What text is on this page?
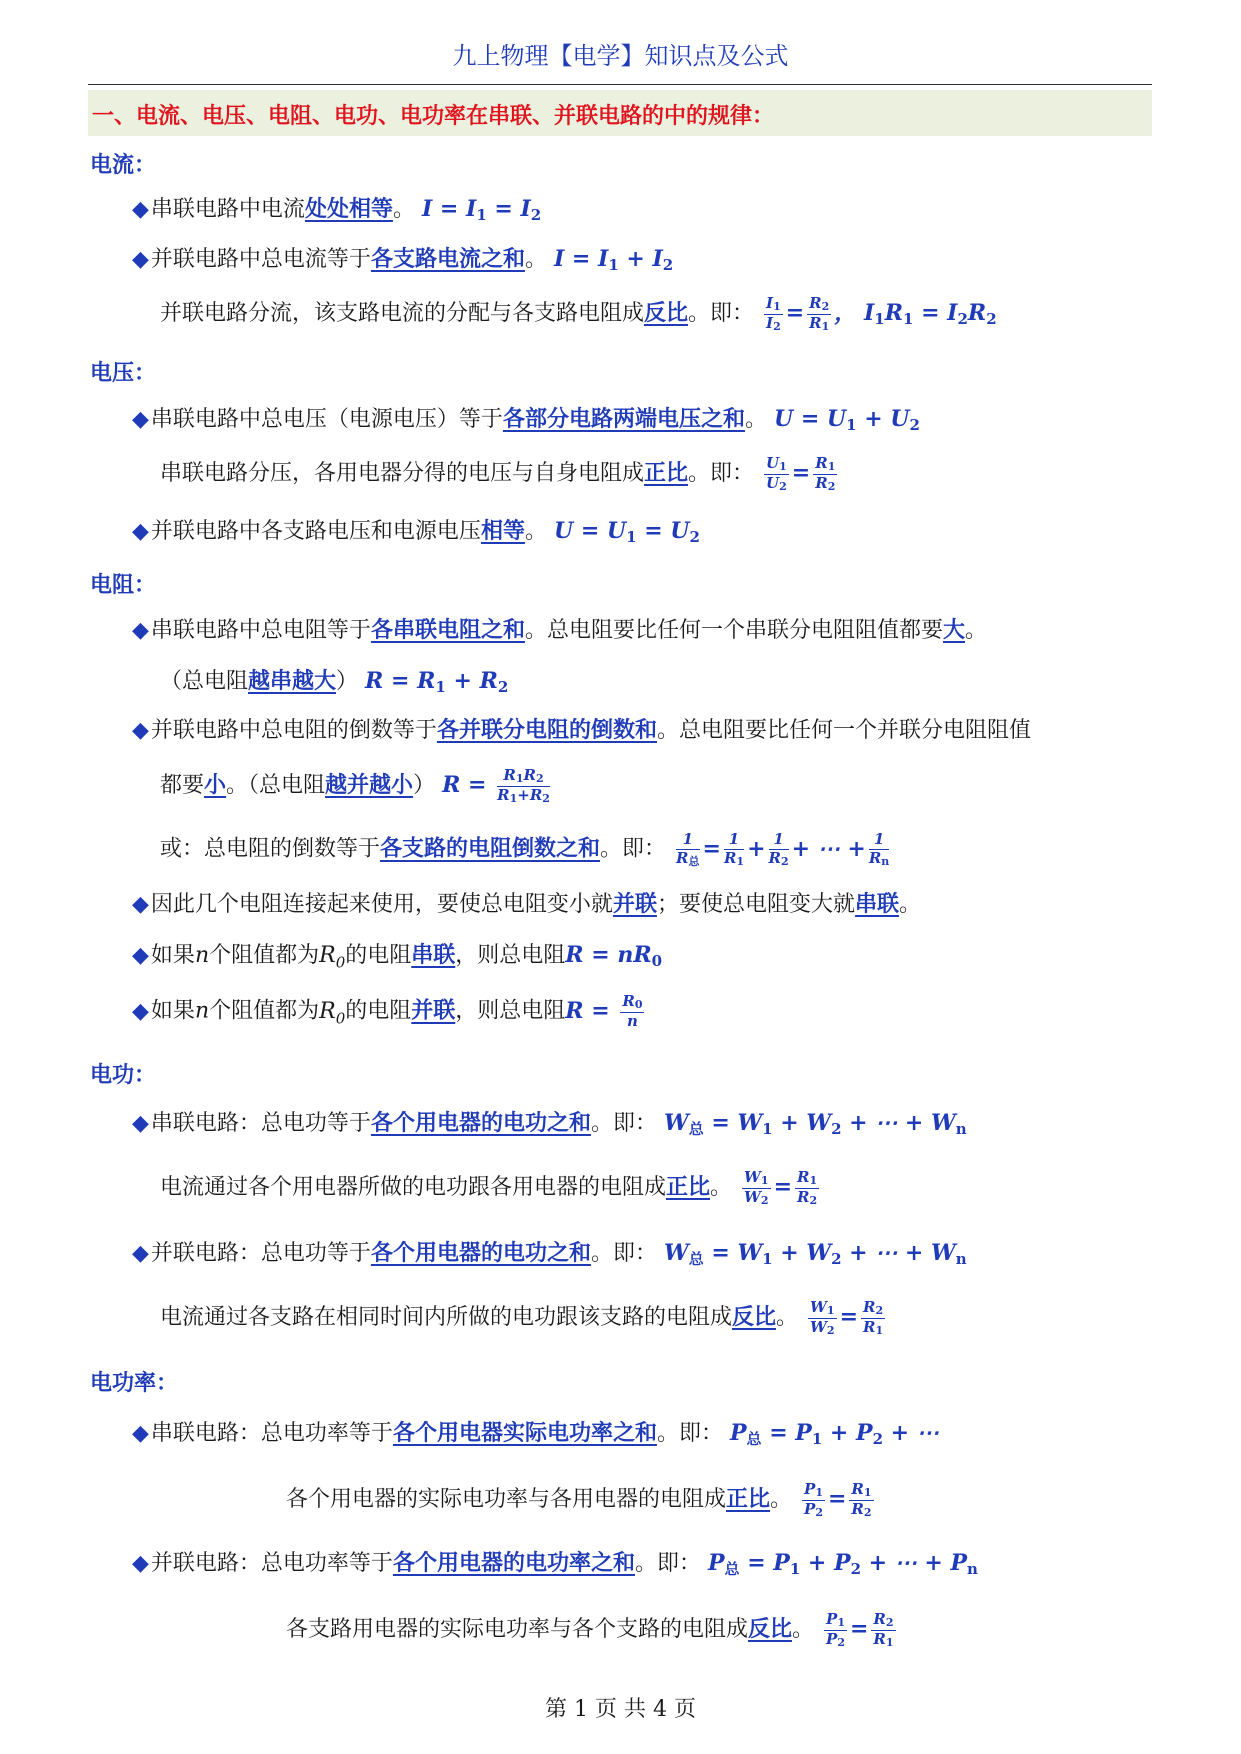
九上物理【电学】知识点及公式
一、电流、电压、电阻、电功、电功率在串联、并联电路的中的规律：
电流：
◆串联电路中电流处处相等。 $I = I_1 = I_2$
◆并联电路中总电流等于各支路电流之和。 $I = I_1 + I_2$
并联电路分流，该支路电流的分配与各支路电阻成反比。即： $\frac{I_1}{I_2} = \frac{R_2}{R_1}$ ， $I_1R_1 = I_2R_2$
电压：
◆串联电路中总电压（电源电压）等于各部分电路两端电压之和。 $U = U_1 + U_2$
串联电路分压，各用电器分得的电压与自身电阻成正比。即： $\frac{U_1}{U_2} = \frac{R_1}{R_2}$
◆并联电路中各支路电压和电源电压相等。 $U = U_1 = U_2$
电阻：
◆串联电路中总电阻等于各串联电阻之和。总电阻要比任何一个串联分电阻阻值都要大。
（总电阻越串越大） $R = R_1 + R_2$
◆并联电路中总电阻的倒数等于各并联分电阻的倒数和。总电阻要比任何一个并联分电阻阻值
都要小。（总电阻越并越小） $R = \frac{R_1R_2}{R_1+R_2}$
或：总电阻的倒数等于各支路的电阻倒数之和。即： $\frac{1}{R_总} = \frac{1}{R_1} + \frac{1}{R_2}$ + ⋯ + $\frac{1}{R_n}$
◆因此几个电阻连接起来使用，要使总电阻变小就并联；要使总电阻变大就串联。
◆如果n个阻值都为$R_0$的电阻串联，则总电阻$R = nR_0$
◆如果n个阻值都为$R_0$的电阻并联，则总电阻$R = \frac{R_0}{n}$
电功：
◆串联电路：总电功等于各个用电器的电功之和。即： $W_总 = W_1 + W_2$ + ⋯ + $W_n$
电流通过各个用电器所做的电功跟各用电器的电阻成正比。 $\frac{W_1}{W_2} = \frac{R_1}{R_2}$
◆并联电路：总电功等于各个用电器的电功之和。即： $W_总 = W_1 + W_2$ + ⋯ + $W_n$
电流通过各支路在相同时间内所做的电功跟该支路的电阻成反比。 $\frac{W_1}{W_2} = \frac{R_2}{R_1}$
电功率：
◆串联电路：总电功率等于各个用电器实际电功率之和。即： $P_总 = P_1 + P_2$ + ⋯
各个用电器的实际电功率与各用电器的电阻成正比。 $\frac{P_1}{P_2} = \frac{R_1}{R_2}$
◆并联电路：总电功率等于各个用电器的电功率之和。即： $P_总 = P_1 + P_2$ + ⋯ + $P_n$
各支路用电器的实际电功率与各个支路的电阻成反比。 $\frac{P_1}{P_2} = \frac{R_2}{R_1}$
第 1 页 共 4 页
